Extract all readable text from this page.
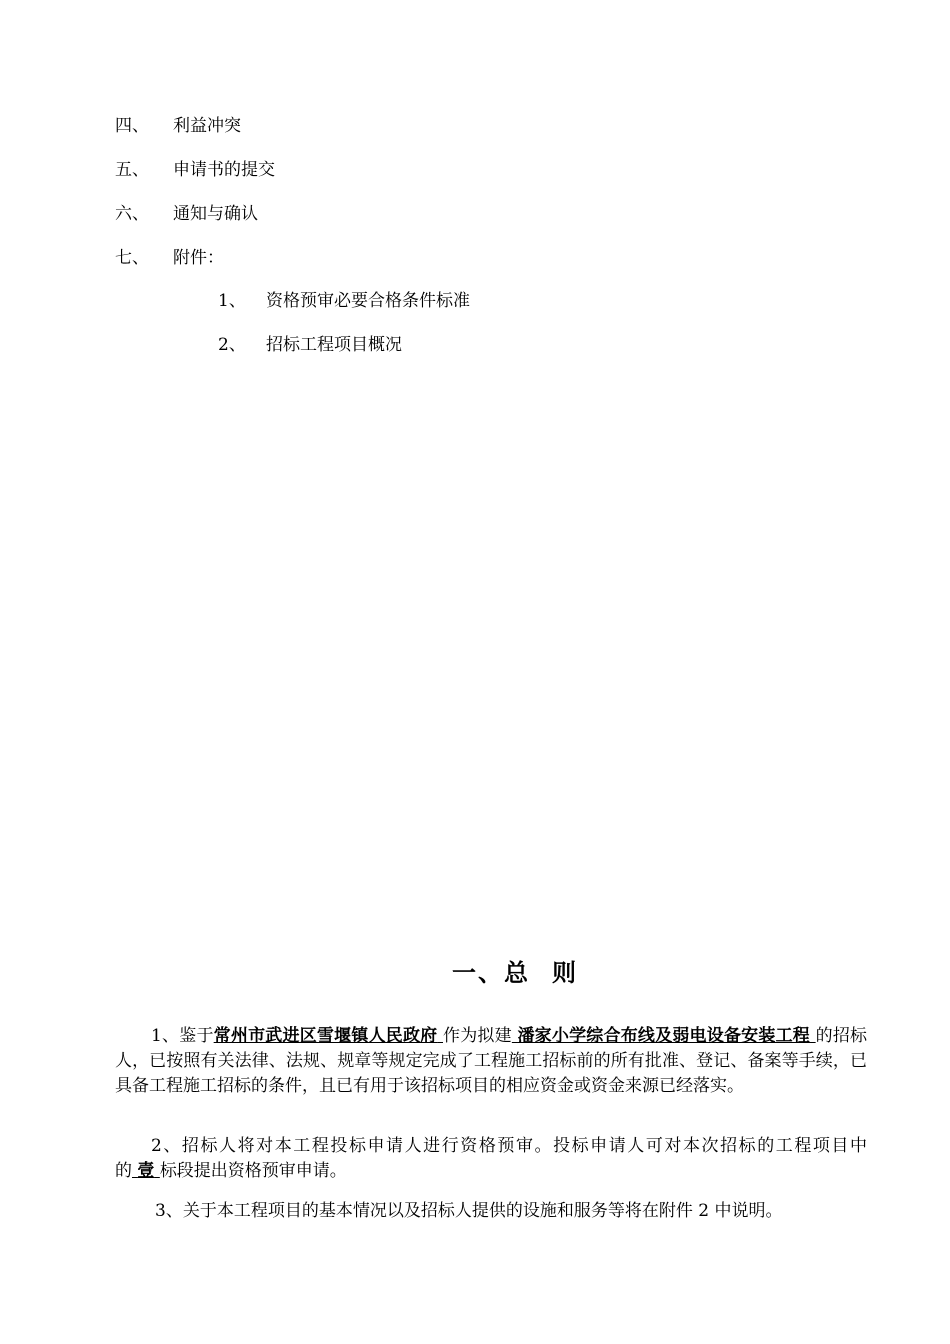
四、 利益冲突
五、 申请书的提交
六、 通知与确认
七、 附件：
1、 资格预审必要合格条件标准
2、 招标工程项目概况
一、总 则
1、鉴于常州市武进区雪堰镇人民政府 作为拟建 潘家小学综合布线及弱电设备安装工程 的招标人，已按照有关法律、法规、规章等规定完成了工程施工招标前的所有批准、登记、备案等手续，已具备工程施工招标的条件，且已有用于该招标项目的相应资金或资金来源已经落实。
2、招标人将对本工程投标申请人进行资格预审。投标申请人可对本次招标的工程项目中的 壹 标段提出资格预审申请。
3、关于本工程项目的基本情况以及招标人提供的设施和服务等将在附件 2 中说明。
